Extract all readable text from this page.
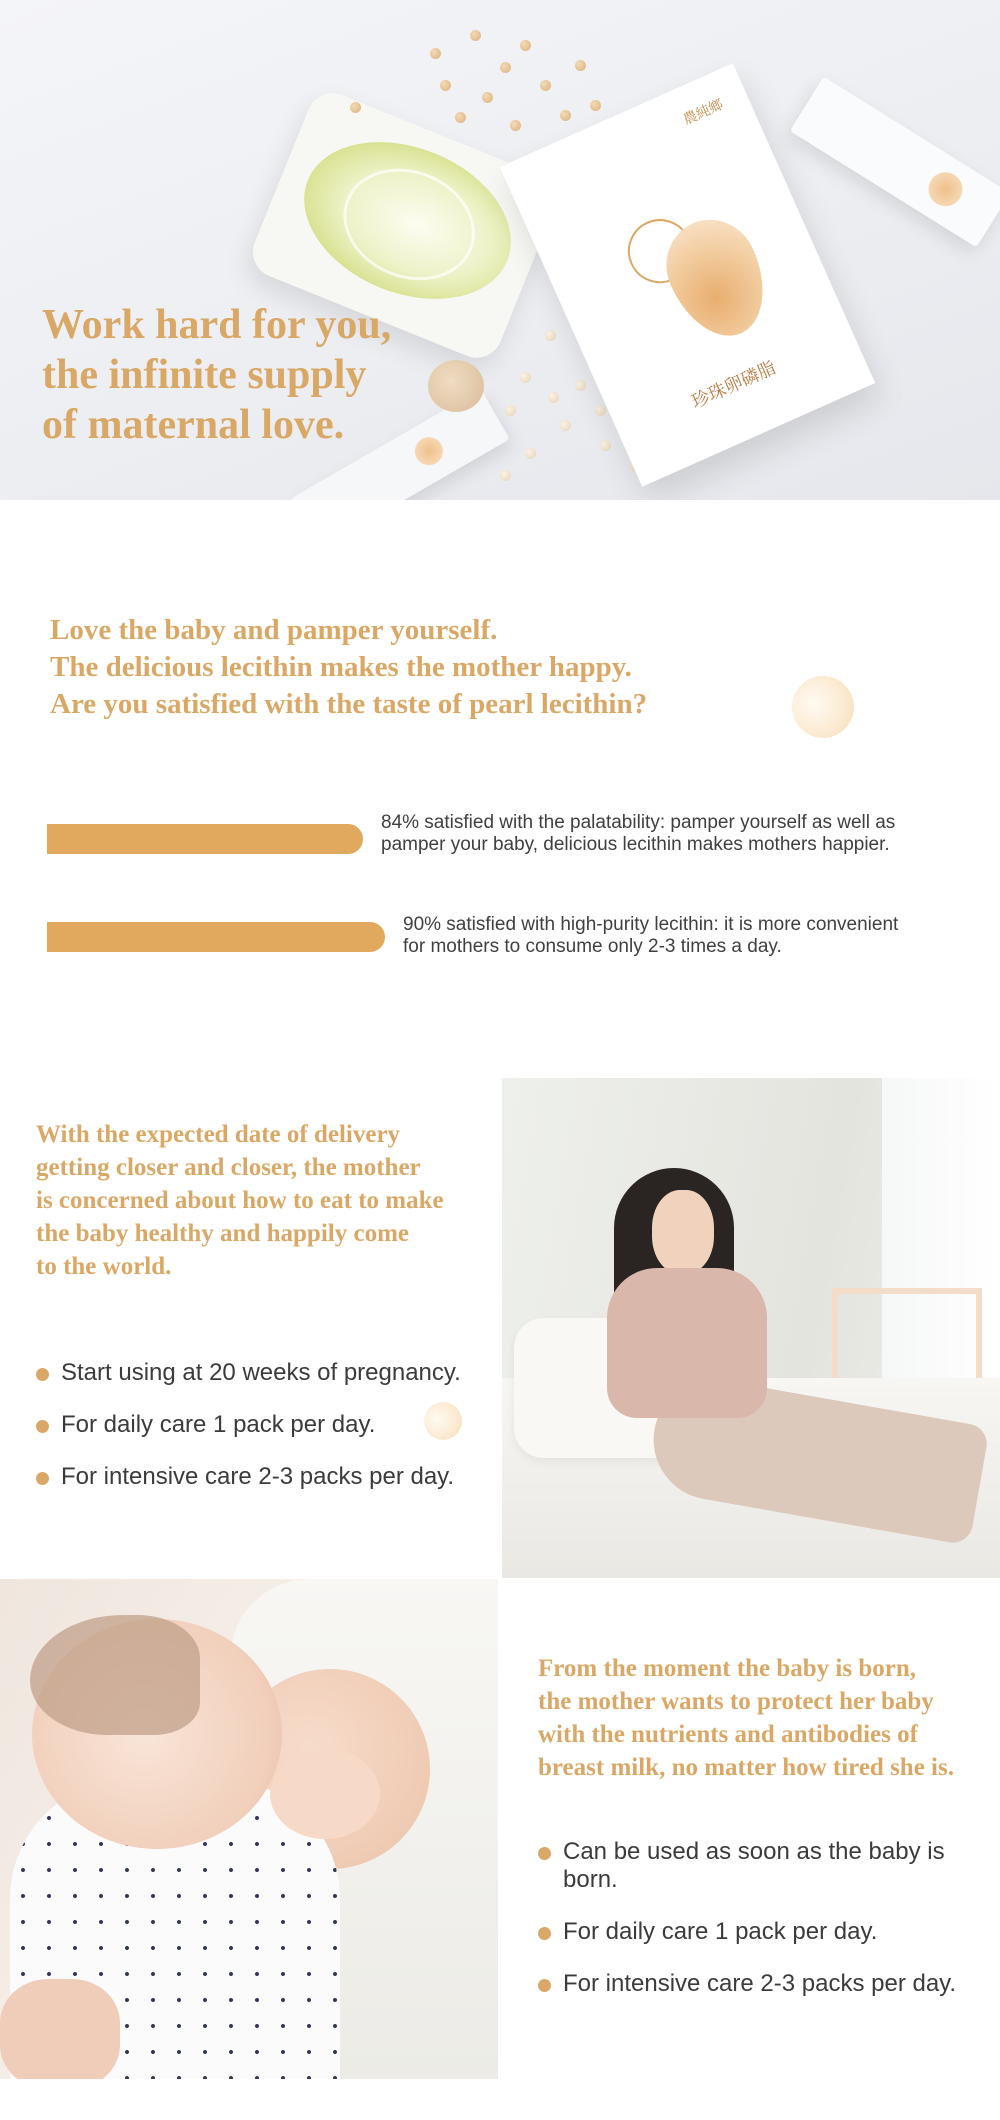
農純鄉
珍珠卵磷脂
Work hard for you,
the infinite supply
of maternal love.
Love the baby and pamper yourself.
The delicious lecithin makes the mother happy.
Are you satisfied with the taste of pearl lecithin?

84% satisfied with the palatability: pamper yourself as well as
pamper your baby, delicious lecithin makes mothers happier.

90% satisfied with high-purity lecithin: it is more convenient
for mothers to consume only 2-3 times a day.

With the expected date of delivery
getting closer and closer, the mother
is concerned about how to eat to make
the baby healthy and happily come
to the world.
Start using at 20 weeks of pregnancy.
For daily care 1 pack per day.
For intensive care 2-3 packs per day.
From the moment the baby is born,
the mother wants to protect her baby
with the nutrients and antibodies of
breast milk, no matter how tired she is.
Can be used as soon as the baby is born.
For daily care 1 pack per day.
For intensive care 2-3 packs per day.
